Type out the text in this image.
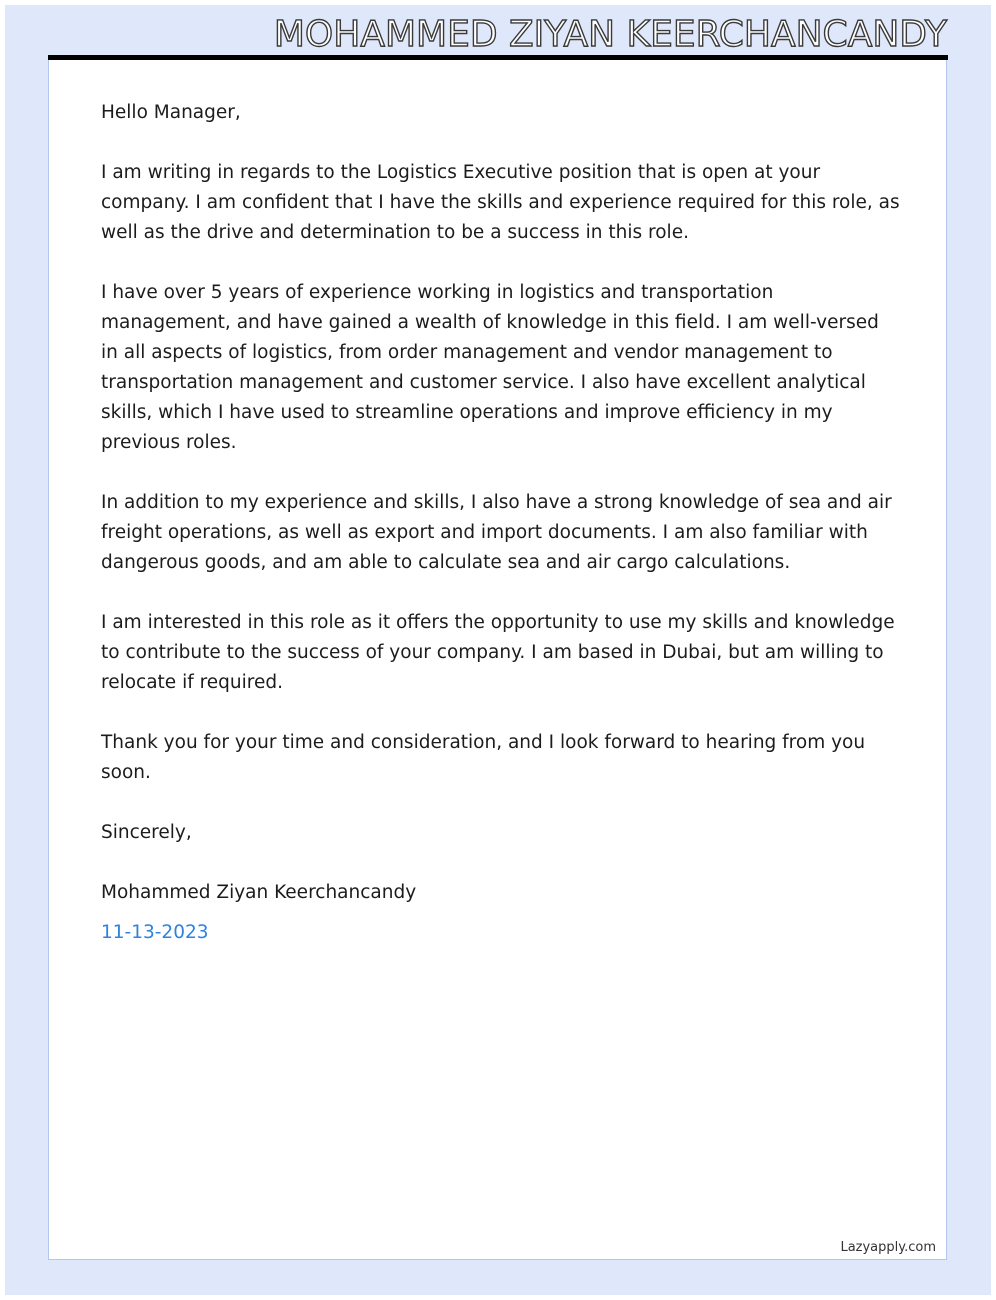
MOHAMMED ZIYAN KEERCHANCANDY

Hello Manager,

I am writing in regards to the Logistics Executive position that is open at your company. I am confident that I have the skills and experience required for this role, as well as the drive and determination to be a success in this role.

I have over 5 years of experience working in logistics and transportation management, and have gained a wealth of knowledge in this field. I am well-versed in all aspects of logistics, from order management and vendor management to transportation management and customer service. I also have excellent analytical skills, which I have used to streamline operations and improve efficiency in my previous roles.

In addition to my experience and skills, I also have a strong knowledge of sea and air freight operations, as well as export and import documents. I am also familiar with dangerous goods, and am able to calculate sea and air cargo calculations.

I am interested in this role as it offers the opportunity to use my skills and knowledge to contribute to the success of your company. I am based in Dubai, but am willing to relocate if required.

Thank you for your time and consideration, and I look forward to hearing from you soon.

Sincerely,

Mohammed Ziyan Keerchancandy

11-13-2023

Lazyapply.com
